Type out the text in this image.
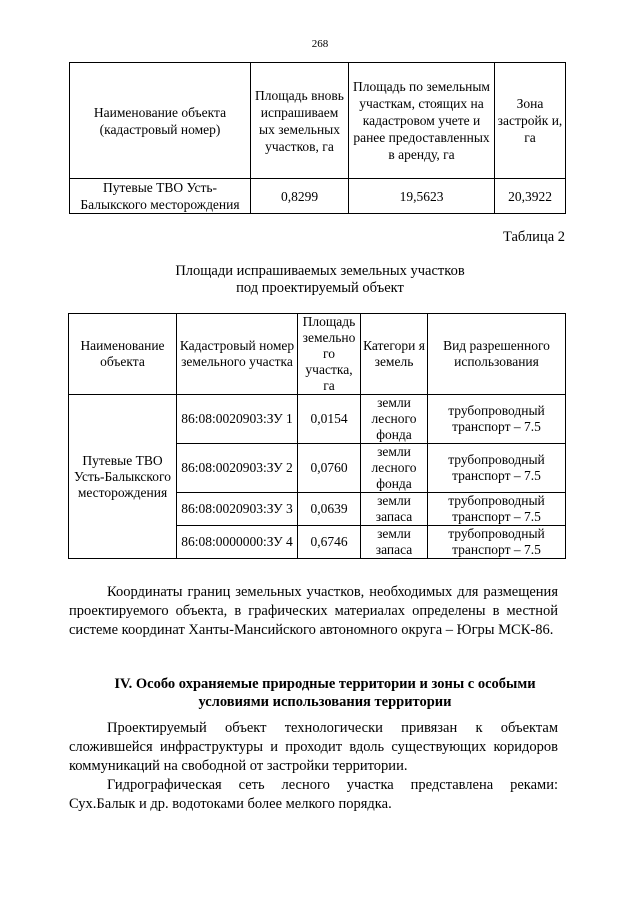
268
Наименование объекта (кадастровый номер)	Площадь вновь испрашиваем ых земельных участков, га	Площадь по земельным участкам, стоящих на кадастровом учете и ранее предоставленных в аренду, га	Зона застройк и, га
Путевые ТВО Усть-Балыкского месторождения	0,8299	19,5623	20,3922
Таблица 2
Площади испрашиваемых земельных участков
под проектируемый объект
Наименование объекта	Кадастровый номер земельного участка	Площадь земельно го участка, га	Категори я земель	Вид разрешенного использования
Путевые ТВО Усть-Балыкского месторождения	86:08:0020903:ЗУ 1	0,0154	земли лесного фонда	трубопроводный транспорт – 7.5
	86:08:0020903:ЗУ 2	0,0760	земли лесного фонда	трубопроводный транспорт – 7.5
	86:08:0020903:ЗУ 3	0,0639	земли запаса	трубопроводный транспорт – 7.5
	86:08:0000000:ЗУ 4	0,6746	земли запаса	трубопроводный транспорт – 7.5

Координаты границ земельных участков, необходимых для размещения проектируемого объекта, в графических материалах определены в местной системе координат Ханты-Мансийского автономного округа – Югры МСК-86.

IV. Особо охраняемые природные территории и зоны с особыми условиями использования территории

Проектируемый объект технологически привязан к объектам сложившейся инфраструктуры и проходит вдоль существующих коридоров коммуникаций на свободной от застройки территории.

Гидрографическая сеть лесного участка представлена реками: Сух.Балык и др. водотоками более мелкого порядка.
